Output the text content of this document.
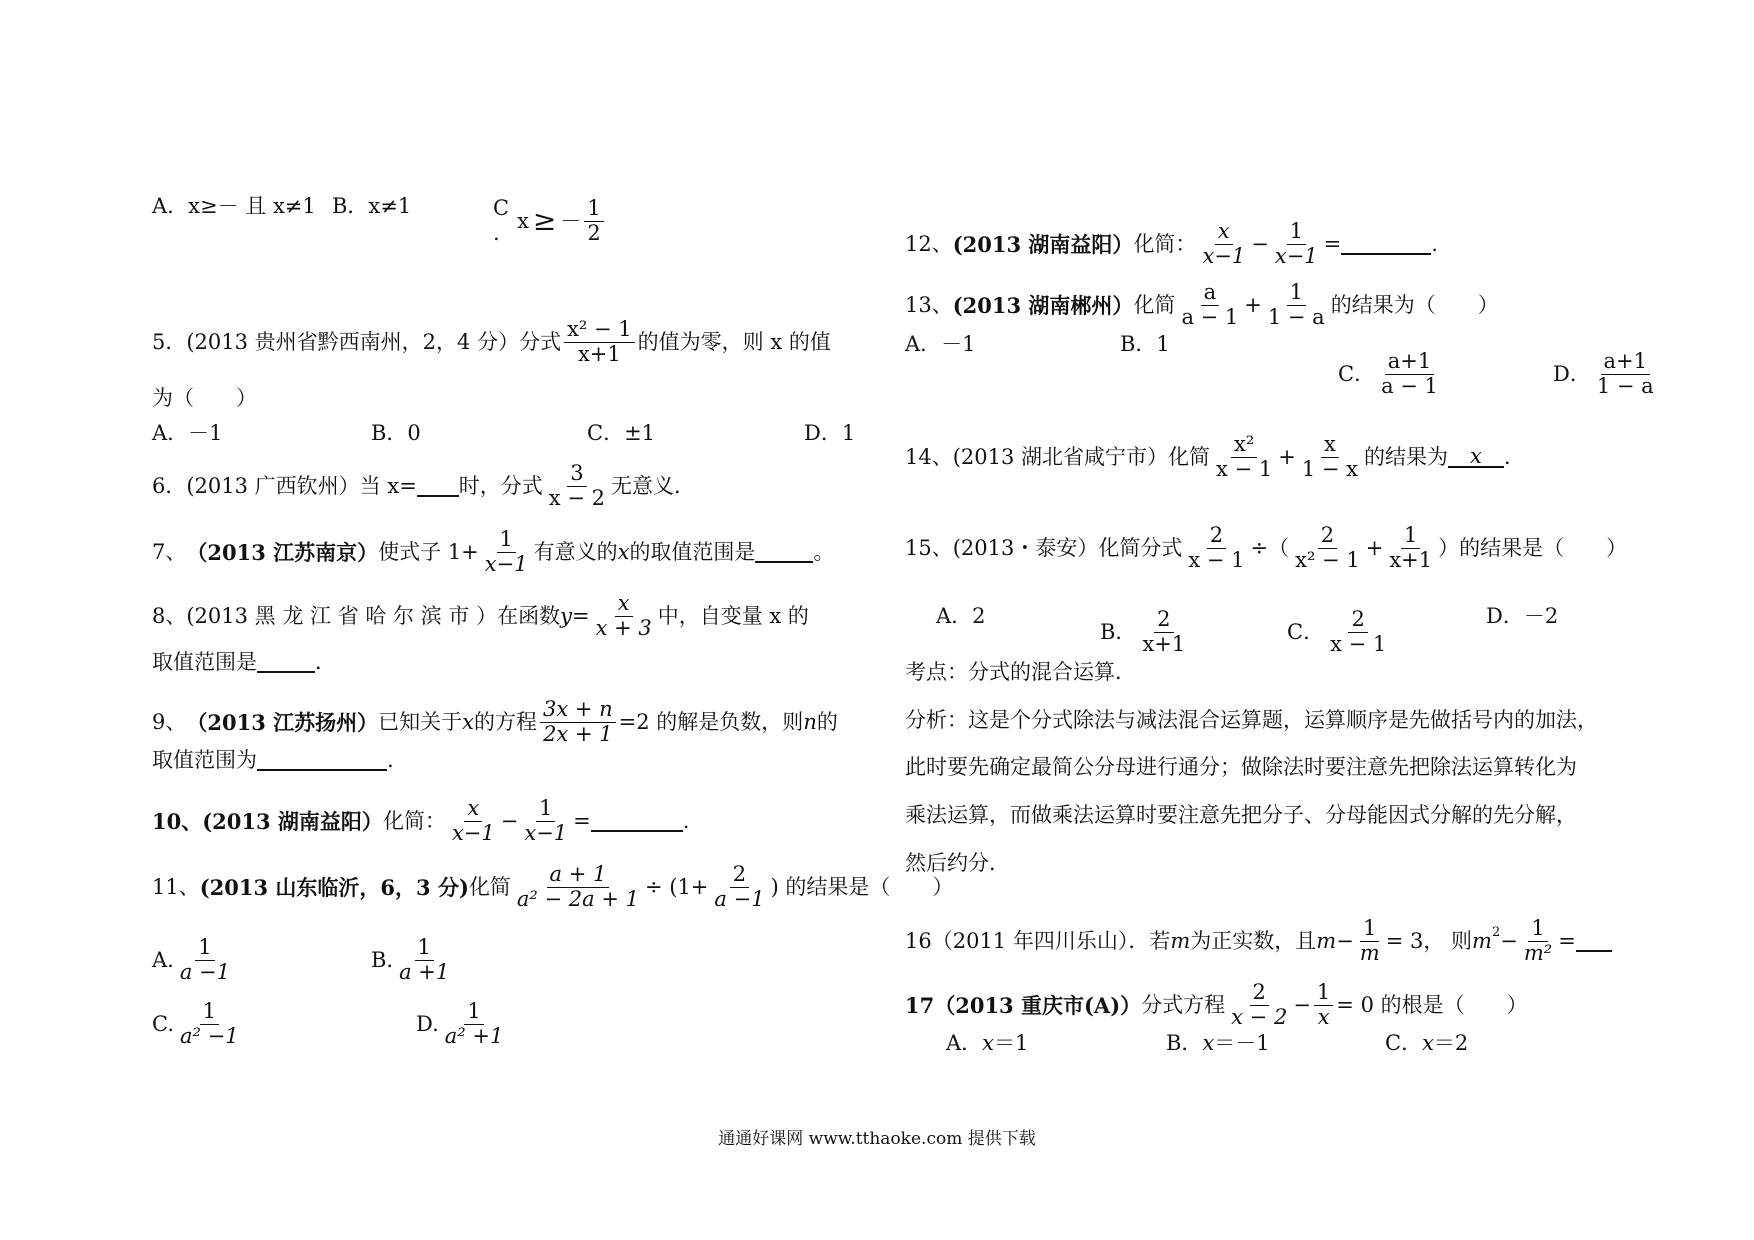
A．x≥－ 且 x≠1 B．x≠1	C
.
x ≥ －
1
2
5．(2013 贵州省黔西南州，2，4 分）分式
x² − 1
x+1 的值为零，则 x 的值
为（　　）
A．－1	B．0	C．±1	D．1
6．(2013 广西钦州）当 x= 时，分式
3
x − 2 无意义．
7、 （2013 江苏南京） 使式子 $1+ \frac{1}{x-1}$ 有意义的 x 的取值范围是	。
8、(2013 黑 龙 江 省 哈 尔 滨 市 ）在函数 $y = \frac{x}{x + 3}$ 中，自变量 x 的
取值范围是	．
9、 （2013 江苏扬州） 已知关于 x 的方程 $\frac{3x + n}{2x + 1} =2$ 的解是负数，则 n 的
取值范围为	.
10、 (2013 湖南益阳） 化简：
x
$x-1 - \frac{1}{x-1}$ =	.
11、 (2013 山东临沂，6，3 分) 化简 $\frac{a + 1}{\text{a² − 2a + 1}} \div (1+ \frac{2}{a -1}$ ) 的结果是（　　）
A.
1
a −1	B.
1
a +1
C.
1
a² −1	D.
1
a² +1
12、 (2013 湖南益阳） 化简：
x
$x-1 - \frac{1}{x-1}$ =	.
13、 (2013 湖南郴州） 化简
a
$a - 1 + \frac{1}{1 - a}$ 的结果为（　　）
A．－1	B．1
C．
a+1
a − 1	D．
a+1
1 − a
14、(2013 湖北省咸宁市）化简
x²
$x - 1 + \frac{x}{1 - x}$ 的结果为	x	．
15、(2013・泰安）化简分式 $\frac{2}{x - 1}$ ÷（
2
$x^2 - 1 + \frac{1}{x+1}$ ）的结果是（　　）
A．2
B．
2
x+1	C．
2
x − 1
D．－2
考点：分式的混合运算．
分析：这是个分式除法与减法混合运算题，运算顺序是先做括号内的加法，
此时要先确定最简公分母进行通分；做除法时要注意先把除法运算转化为
乘法运算，而做乘法运算时要注意先把分子、分母能因式分解的先分解，
然后约分．
16（2011 年四川乐山）．若 m 为正实数，且 $m - \frac{1}{m} = 3$， 则 m $2 - \frac{1}{\text{m²}}$ =
17（2013 重庆市(A)） 分式方程
2
$x - 2 - \frac{1}{x} = 0$ 的根是（　　）
A． x ＝1	B． x ＝－1	C． x ＝2
通通好课网 www.tthaoke.com 提供下载
